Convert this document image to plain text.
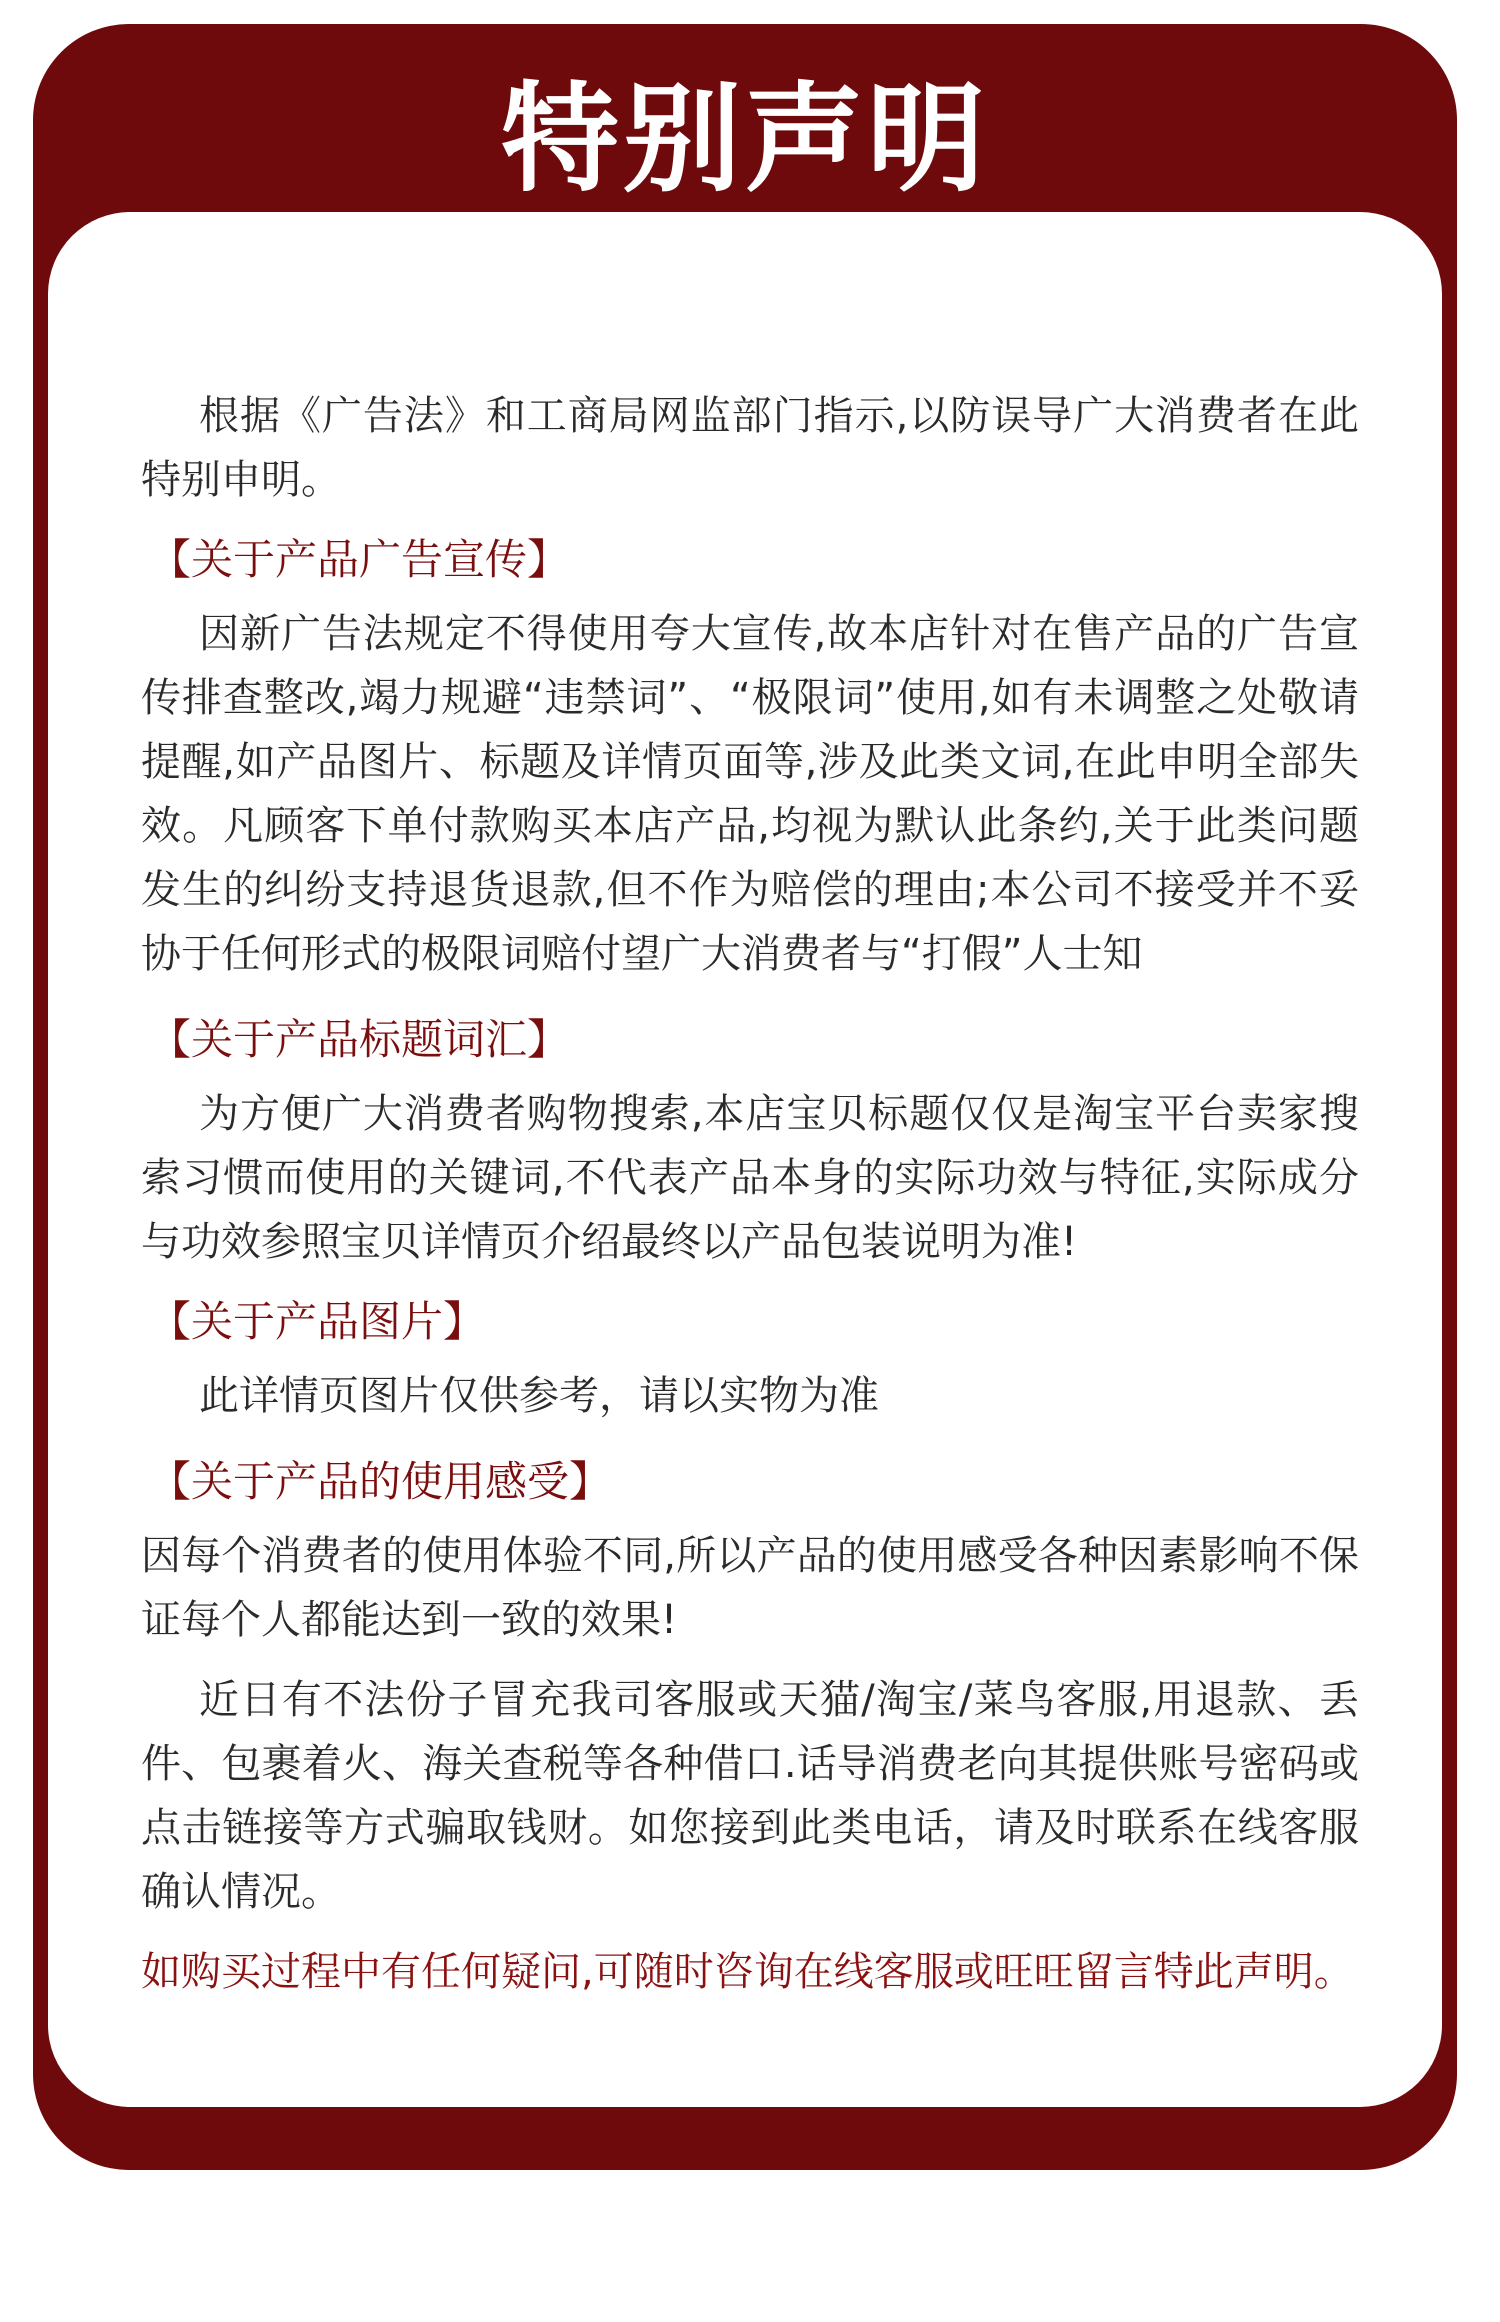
特别声明

根据《广告法》和工商局网监部门指示,以防误导广大消费者在此特别申明。

【关于产品广告宣传】

因新广告法规定不得使用夸大宣传,故本店针对在售产品的广告宣传排查整改,竭力规避“违禁词”、“极限词”使用,如有未调整之处敬请提醒,如产品图片、标题及详情页面等,涉及此类文词,在此申明全部失效。凡顾客下单付款购买本店产品,均视为默认此条约,关于此类问题发生的纠纷支持退货退款,但不作为赔偿的理由;本公司不接受并不妥协于任何形式的极限词赔付望广大消费者与“打假”人士知

【关于产品标题词汇】

为方便广大消费者购物搜索,本店宝贝标题仅仅是淘宝平台卖家搜索习惯而使用的关键词,不代表产品本身的实际功效与特征,实际成分与功效参照宝贝详情页介绍最终以产品包装说明为准!

【关于产品图片】

此详情页图片仅供参考，请以实物为准

【关于产品的使用感受】

因每个消费者的使用体验不同,所以产品的使用感受各种因素影响不保证每个人都能达到一致的效果!

近日有不法份子冒充我司客服或天猫/淘宝/菜鸟客服,用退款、丢件、包裹着火、海关查税等各种借口.话导消费老向其提供账号密码或点击链接等方式骗取钱财。如您接到此类电话，请及时联系在线客服确认情况。

如购买过程中有任何疑问,可随时咨询在线客服或旺旺留言特此声明。
